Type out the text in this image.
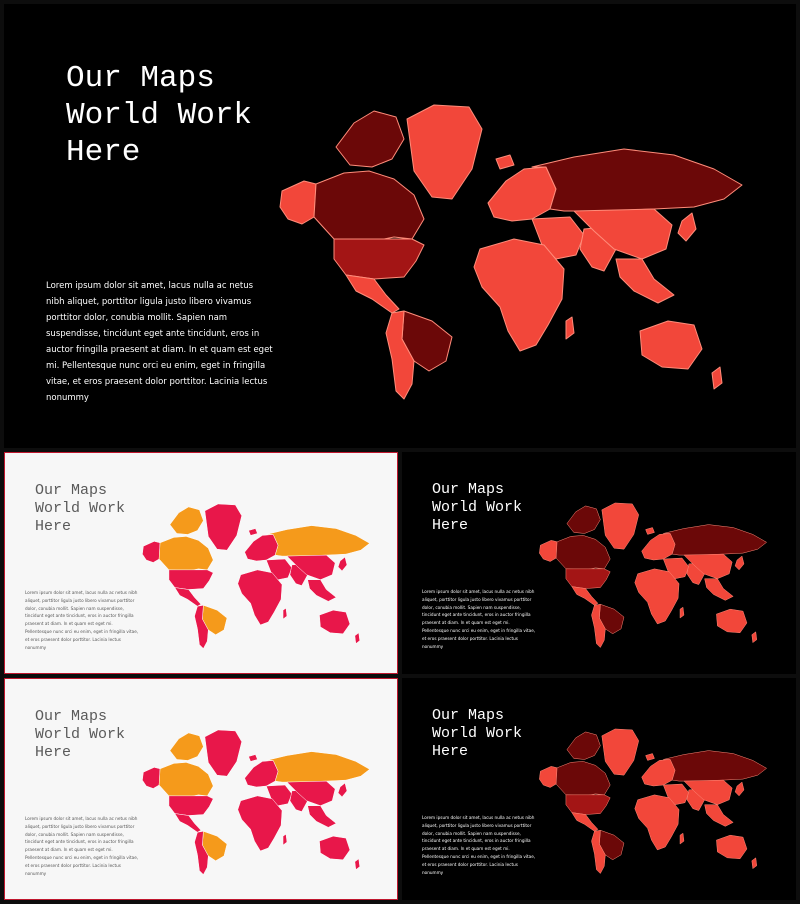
Our Maps
World Work
Here
Lorem ipsum dolor sit amet, lacus nulla ac netus nibh aliquet, porttitor ligula justo libero vivamus porttitor dolor, conubia mollit. Sapien nam suspendisse, tincidunt eget ante tincidunt, eros in auctor fringilla praesent at diam. In et quam est eget mi. Pellentesque nunc orci eu enim, eget in fringilla vitae, et eros praesent dolor porttitor. Lacinia lectus nonummy
Our Maps
World Work
Here
Lorem ipsum dolor sit amet, lacus nulla ac netus nibh aliquet, porttitor ligula justo libero vivamus porttitor dolor, conubia mollit. Sapien nam suspendisse, tincidunt eget ante tincidunt, eros in auctor fringilla praesent at diam. In et quam est eget mi. Pellentesque nunc orci eu enim, eget in fringilla vitae, et eros praesent dolor porttitor. Lacinia lectus nonummy
Our Maps
World Work
Here
Lorem ipsum dolor sit amet, lacus nulla ac netus nibh aliquet, porttitor ligula justo libero vivamus porttitor dolor, conubia mollit. Sapien nam suspendisse, tincidunt eget ante tincidunt, eros in auctor fringilla praesent at diam. In et quam est eget mi. Pellentesque nunc orci eu enim, eget in fringilla vitae, et eros praesent dolor porttitor. Lacinia lectus nonummy
Our Maps
World Work
Here
Lorem ipsum dolor sit amet, lacus nulla ac netus nibh aliquet, porttitor ligula justo libero vivamus porttitor dolor, conubia mollit. Sapien nam suspendisse, tincidunt eget ante tincidunt, eros in auctor fringilla praesent at diam. In et quam est eget mi. Pellentesque nunc orci eu enim, eget in fringilla vitae, et eros praesent dolor porttitor. Lacinia lectus nonummy
Our Maps
World Work
Here
Lorem ipsum dolor sit amet, lacus nulla ac netus nibh aliquet, porttitor ligula justo libero vivamus porttitor dolor, conubia mollit. Sapien nam suspendisse, tincidunt eget ante tincidunt, eros in auctor fringilla praesent at diam. In et quam est eget mi. Pellentesque nunc orci eu enim, eget in fringilla vitae, et eros praesent dolor porttitor. Lacinia lectus nonummy
